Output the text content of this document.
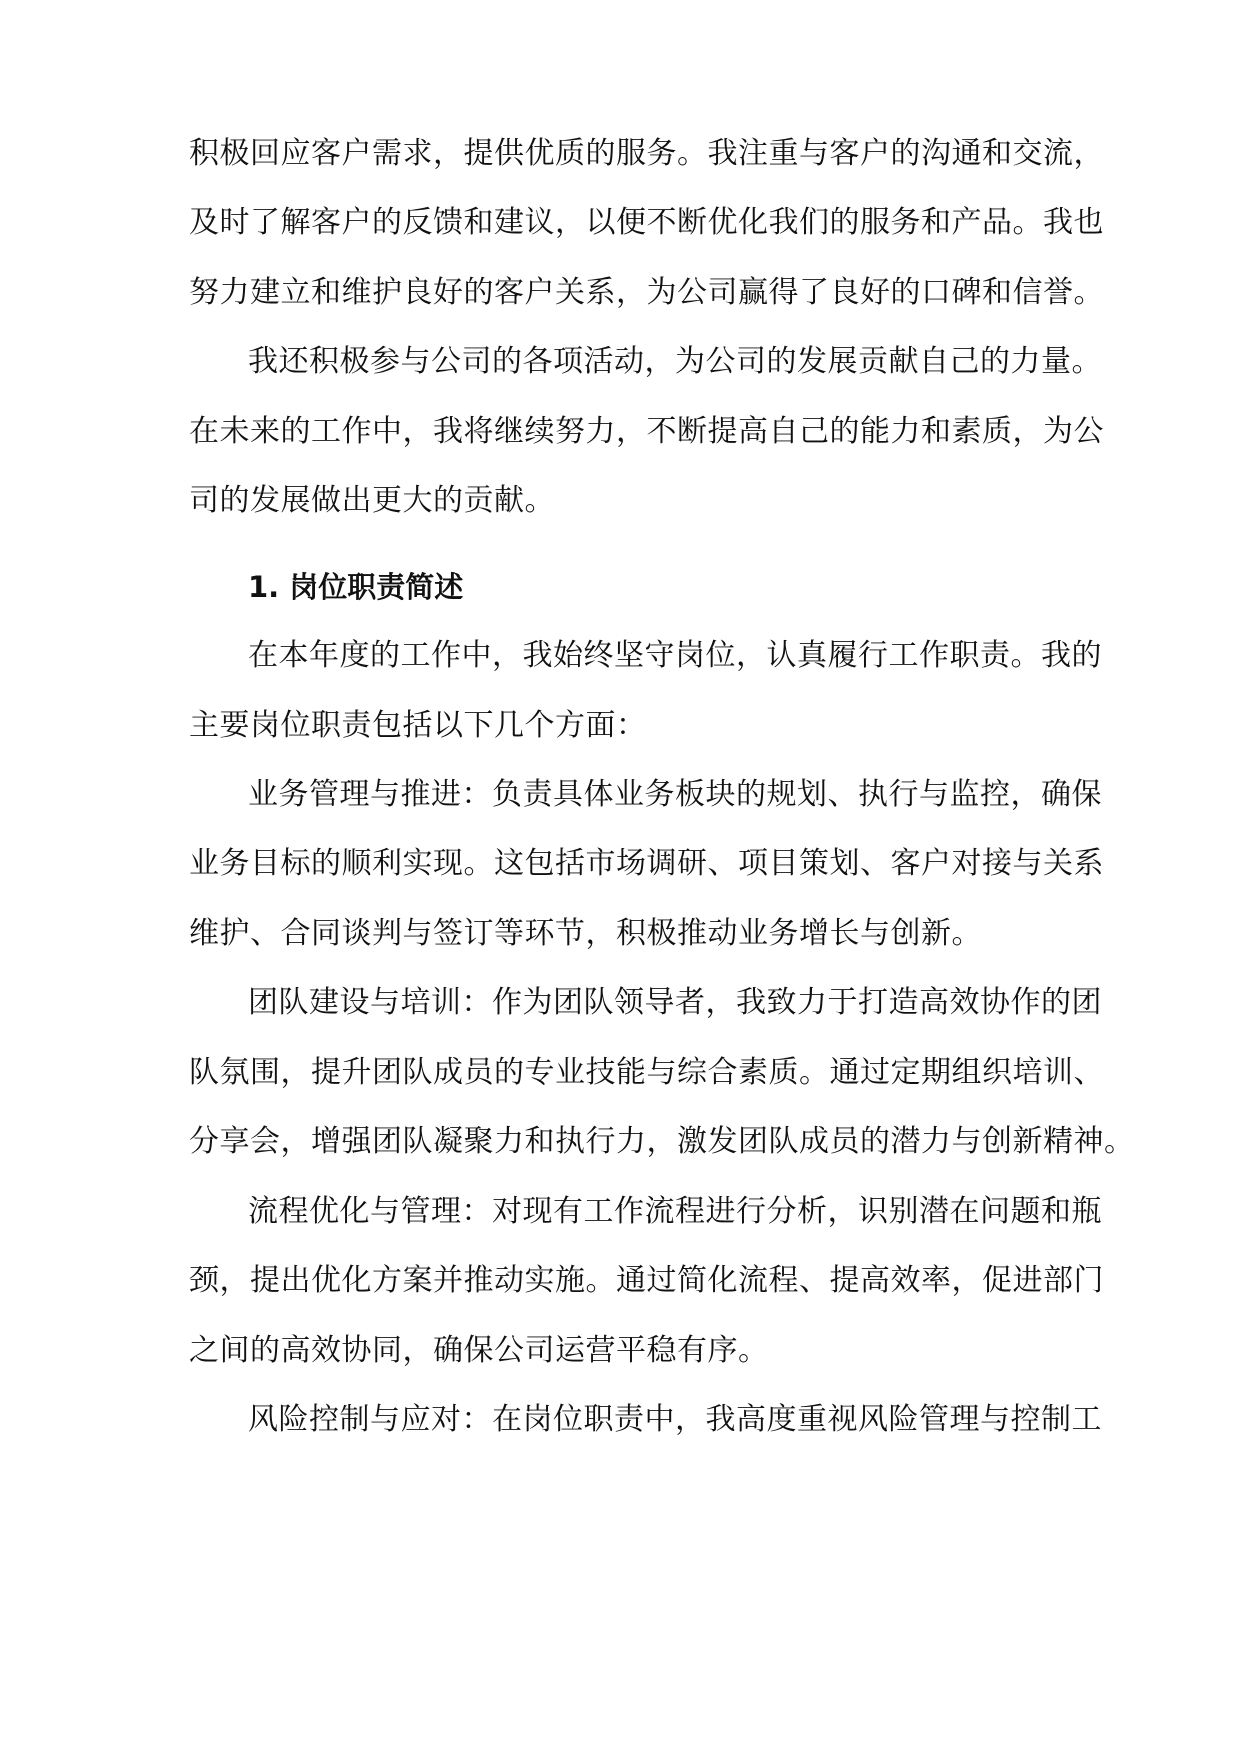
积极回应客户需求，提供优质的服务。我注重与客户的沟通和交流，
及时了解客户的反馈和建议，以便不断优化我们的服务和产品。我也
努力建立和维护良好的客户关系，为公司赢得了良好的口碑和信誉。
我还积极参与公司的各项活动，为公司的发展贡献自己的力量。
在未来的工作中，我将继续努力，不断提高自己的能力和素质，为公
司的发展做出更大的贡献。
1. 岗位职责简述
在本年度的工作中，我始终坚守岗位，认真履行工作职责。我的
主要岗位职责包括以下几个方面：
业务管理与推进：负责具体业务板块的规划、执行与监控，确保
业务目标的顺利实现。这包括市场调研、项目策划、客户对接与关系
维护、合同谈判与签订等环节，积极推动业务增长与创新。
团队建设与培训：作为团队领导者，我致力于打造高效协作的团
队氛围，提升团队成员的专业技能与综合素质。通过定期组织培训、
分享会，增强团队凝聚力和执行力，激发团队成员的潜力与创新精神。
流程优化与管理：对现有工作流程进行分析，识别潜在问题和瓶
颈，提出优化方案并推动实施。通过简化流程、提高效率，促进部门
之间的高效协同，确保公司运营平稳有序。
风险控制与应对：在岗位职责中，我高度重视风险管理与控制工
